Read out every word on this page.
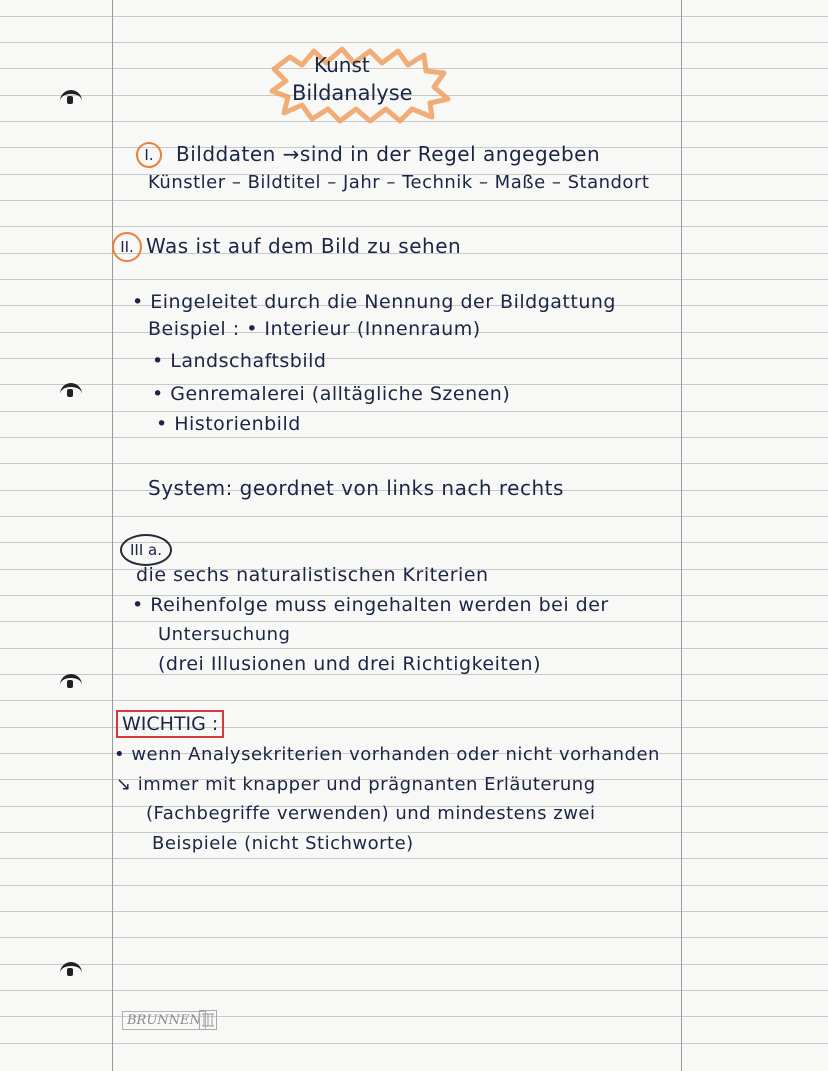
Kunst
Bildanalyse
I.	Bilddaten →sind in der Regel angegeben
Künstler – Bildtitel – Jahr – Technik – Maße – Standort
II. Was ist auf dem Bild zu sehen
• Eingeleitet durch die Nennung der Bildgattung
Beispiel : • Interieur (Innenraum)
• Landschaftsbild
• Genremalerei (alltägliche Szenen)
• Historienbild
System: geordnet von links nach rechts
III a.
die sechs naturalistischen Kriterien
• Reihenfolge muss eingehalten werden bei der
Untersuchung
(drei Illusionen und drei Richtigkeiten)
WICHTIG :
• wenn Analysekriterien vorhanden oder nicht vorhanden
↘ immer mit knapper und prägnanten Erläuterung
(Fachbegriffe verwenden) und mindestens zwei
Beispiele (nicht Stichworte)
BRUNNEN
